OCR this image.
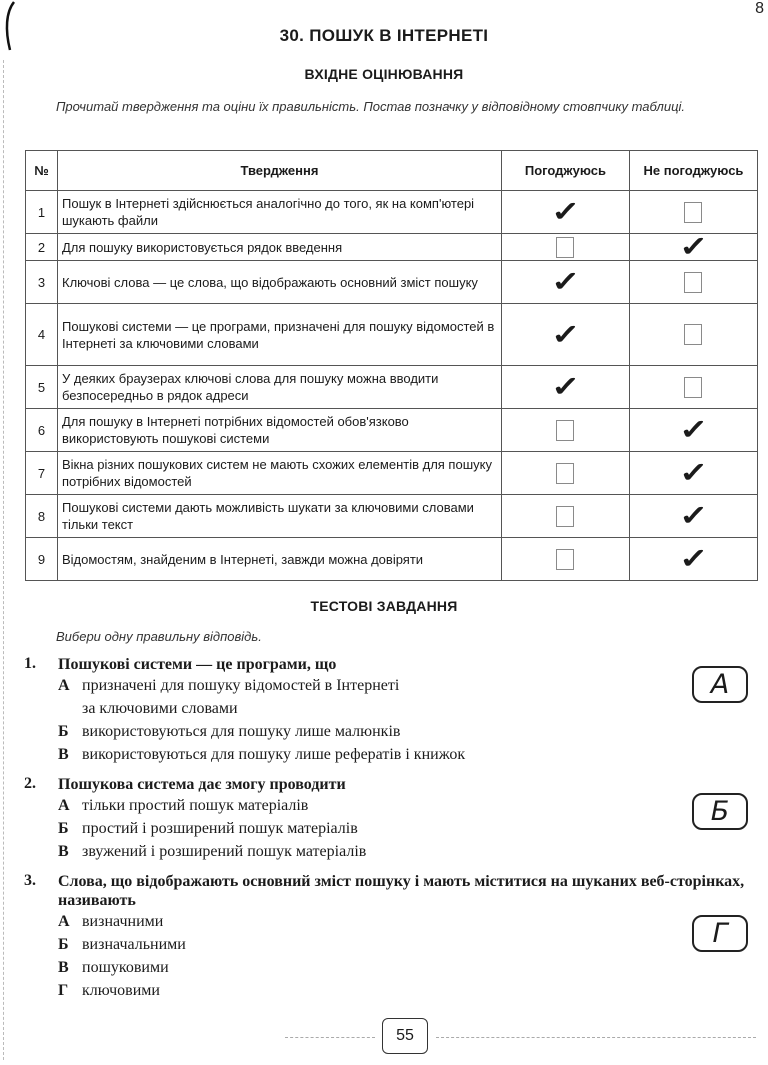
8
30. ПОШУК В ІНТЕРНЕТІ
ВХІДНЕ ОЦІНЮВАННЯ

Прочитай твердження та оціни їх правильність. Постав позначку у відповідному стовпчику таблиці.

№	Твердження	Погоджуюсь	Не погоджуюсь
1	Пошук в Інтернеті здійснюється аналогічно до того, як на комп'ютері шукають файли	✓	
2	Для пошуку використовується рядок введення		✓
3	Ключові слова — це слова, що відображають основний зміст пошуку	✓	
4	Пошукові системи — це програми, призначені для пошуку відомостей в Інтернеті за ключовими словами	✓	
5	У деяких браузерах ключові слова для пошуку можна вводити безпосередньо в рядок адреси	✓	
6	Для пошуку в Інтернеті потрібних відомостей обов'язково використовують пошукові системи		✓
7	Вікна різних пошукових систем не мають схожих елементів для пошуку потрібних відомостей		✓
8	Пошукові системи дають можливість шукати за ключовими словами тільки текст		✓
9	Відомостям, знайденим в Інтернеті, завжди можна довіряти		✓
ТЕСТОВІ ЗАВДАННЯ

Вибери одну правильну відповідь.

1.	Пошукові системи — це програми, що
А призначені для пошуку відомостей в Інтернеті
за ключовими словами
Б використовуються для пошуку лише малюнків
В використовуються для пошуку лише рефератів і книжок
2.	Пошукова система дає змогу проводити
А тільки простий пошук матеріалів
Б простий і розширений пошук матеріалів
В звужений і розширений пошук матеріалів
3.	Слова, що відображають основний зміст пошуку і мають міститися на шуканих веб-сторінках, називають
А визначними
Б визначальними
В пошуковими
Г ключовими
А
Б
Г
55
